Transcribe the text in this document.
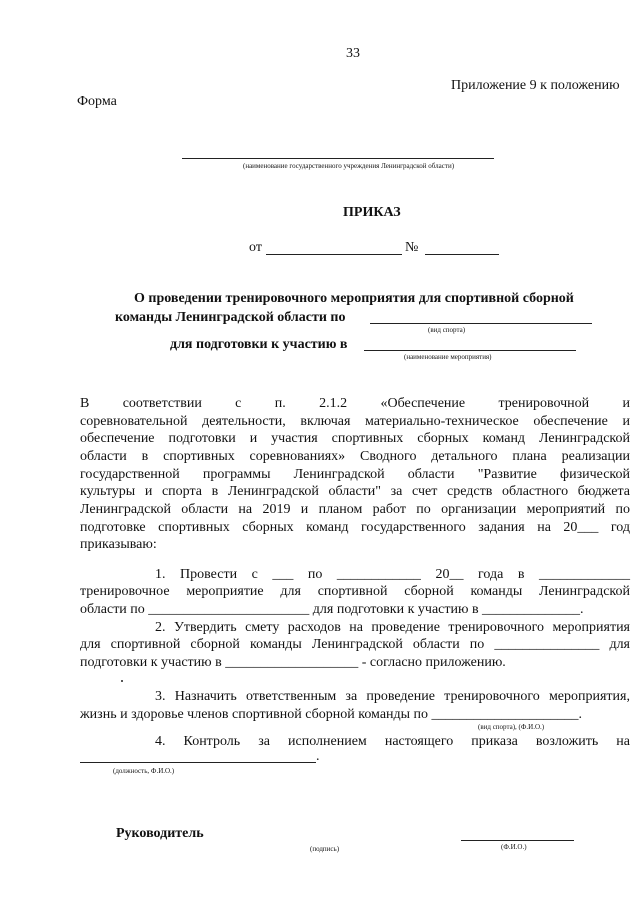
33
Приложение 9 к положению
Форма
(наименование государственного учреждения Ленинградской области)
ПРИКАЗ
от	№
О проведении тренировочного мероприятия для спортивной сборной
команды Ленинградской области по
(вид спорта)
для подготовки к участию в
(наименование мероприятия)
В соответствии с п. 2.1.2 «Обеспечение тренировочной и
соревновательной деятельности, включая материально-техническое обеспечение и
обеспечение подготовки и участия спортивных сборных команд Ленинградской
области в спортивных соревнованиях» Сводного детального плана реализации
государственной программы Ленинградской области "Развитие физической
культуры и спорта в Ленинградской области" за счет средств областного бюджета
Ленинградской области на 2019 и планом работ по организации мероприятий по
подготовке спортивных сборных команд государственного задания на 20___ год
приказываю:
1. Провести с ___ по ____________ 20__ года в _____________
тренировочное мероприятие для спортивной сборной команды Ленинградской
области по _______________________ для подготовки к участию в ______________.
2. Утвердить смету расходов на проведение тренировочного мероприятия
для спортивной сборной команды Ленинградской области по _______________ для
подготовки к участию в ___________________ - согласно приложению.
3. Назначить ответственным за проведение тренировочного мероприятия,
жизнь и здоровье членов спортивной сборной команды по _____________________.
(вид спорта), (Ф.И.О.)
4. Контроль за исполнением настоящего приказа возложить на
.
(должность, Ф.И.О.)
Руководитель
(подпись)	(Ф.И.О.)
